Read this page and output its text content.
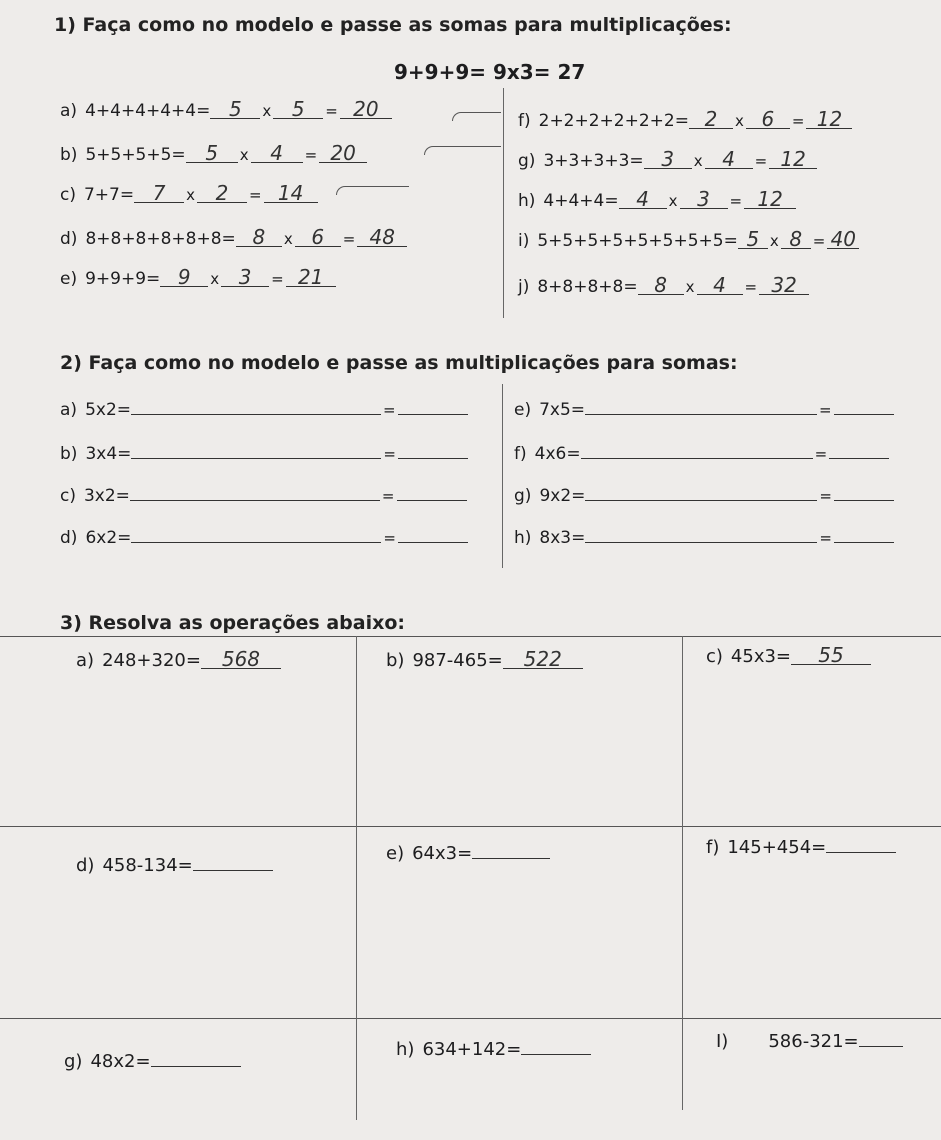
1) Faça como no modelo e passe as somas para multiplicações:
9+9+9= 9x3= 27
a) 4+4+4+4+4= 5	x	5	= 20
b) 5+5+5+5= 5	x	4	= 20
c) 7+7= 7	x	2	= 14
d) 8+8+8+8+8+8= 8	x 6	= 48
e) 9+9+9= 9	x 3	= 21
f) 2+2+2+2+2+2= 2	x 6	= 12
g) 3+3+3+3= 3	x 4	= 12
h) 4+4+4= 4	x 3	= 12
i) 5+5+5+5+5+5+5+5= 5 x 8 = 40
j) 8+8+8+8= 8	x 4	= 32
2) Faça como no modelo e passe as multiplicações para somas:
a) 5x2=	=
b) 3x4=	=
c) 3x2=	=
d) 6x2=	=
e) 7x5=	=
f) 4x6=	=
g) 9x2=	=
h) 8x3=	=
3) Resolva as operações abaixo:
a) 248+320=	568	b) 987-465=	522	c) 45x3=	55
d) 458-134=
e) 64x3=	f) 145+454=
g) 48x2=
h) 634+142=	I) 586-321=
